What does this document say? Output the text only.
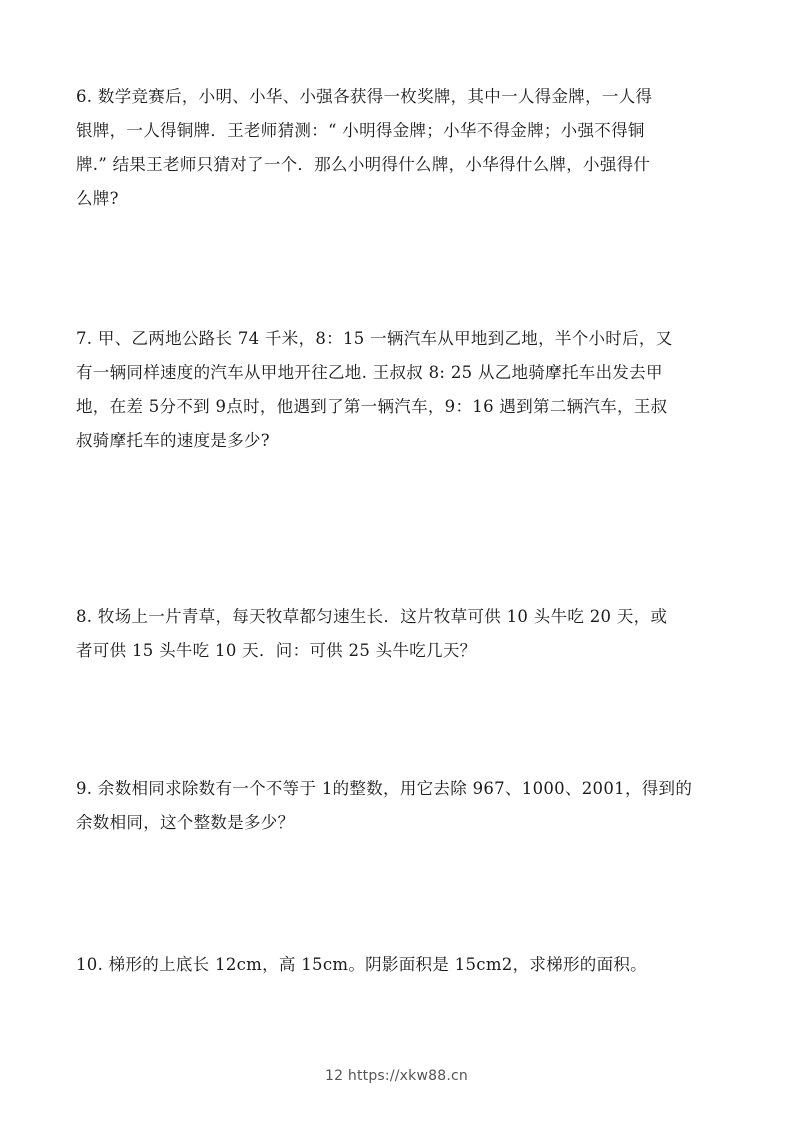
6. 数学竞赛后，小明、小华、小强各获得一枚奖牌，其中一人得金牌，一人得
银牌，一人得铜牌．王老师猜测：“ 小明得金牌；小华不得金牌；小强不得铜
牌.” 结果王老师只猜对了一个．那么小明得什么牌，小华得什么牌，小强得什
么牌?
7. 甲、乙两地公路长 74 千米，8：15 一辆汽车从甲地到乙地，半个小时后，又
有一辆同样速度的汽车从甲地开往乙地. 王叔叔 8: 25 从乙地骑摩托车出发去甲
地，在差 5分不到 9点时，他遇到了第一辆汽车，9：16 遇到第二辆汽车，王叔
叔骑摩托车的速度是多少?
8. 牧场上一片青草，每天牧草都匀速生长．这片牧草可供 10 头牛吃 20 天，或
者可供 15 头牛吃 10 天．问：可供 25 头牛吃几天？
9. 余数相同求除数有一个不等于 1的整数，用它去除 967、1000、2001，得到的
余数相同，这个整数是多少？
10. 梯形的上底长 12cm，高 15cm。阴影面积是 15cm2，求梯形的面积。
12 https://xkw88.cn
